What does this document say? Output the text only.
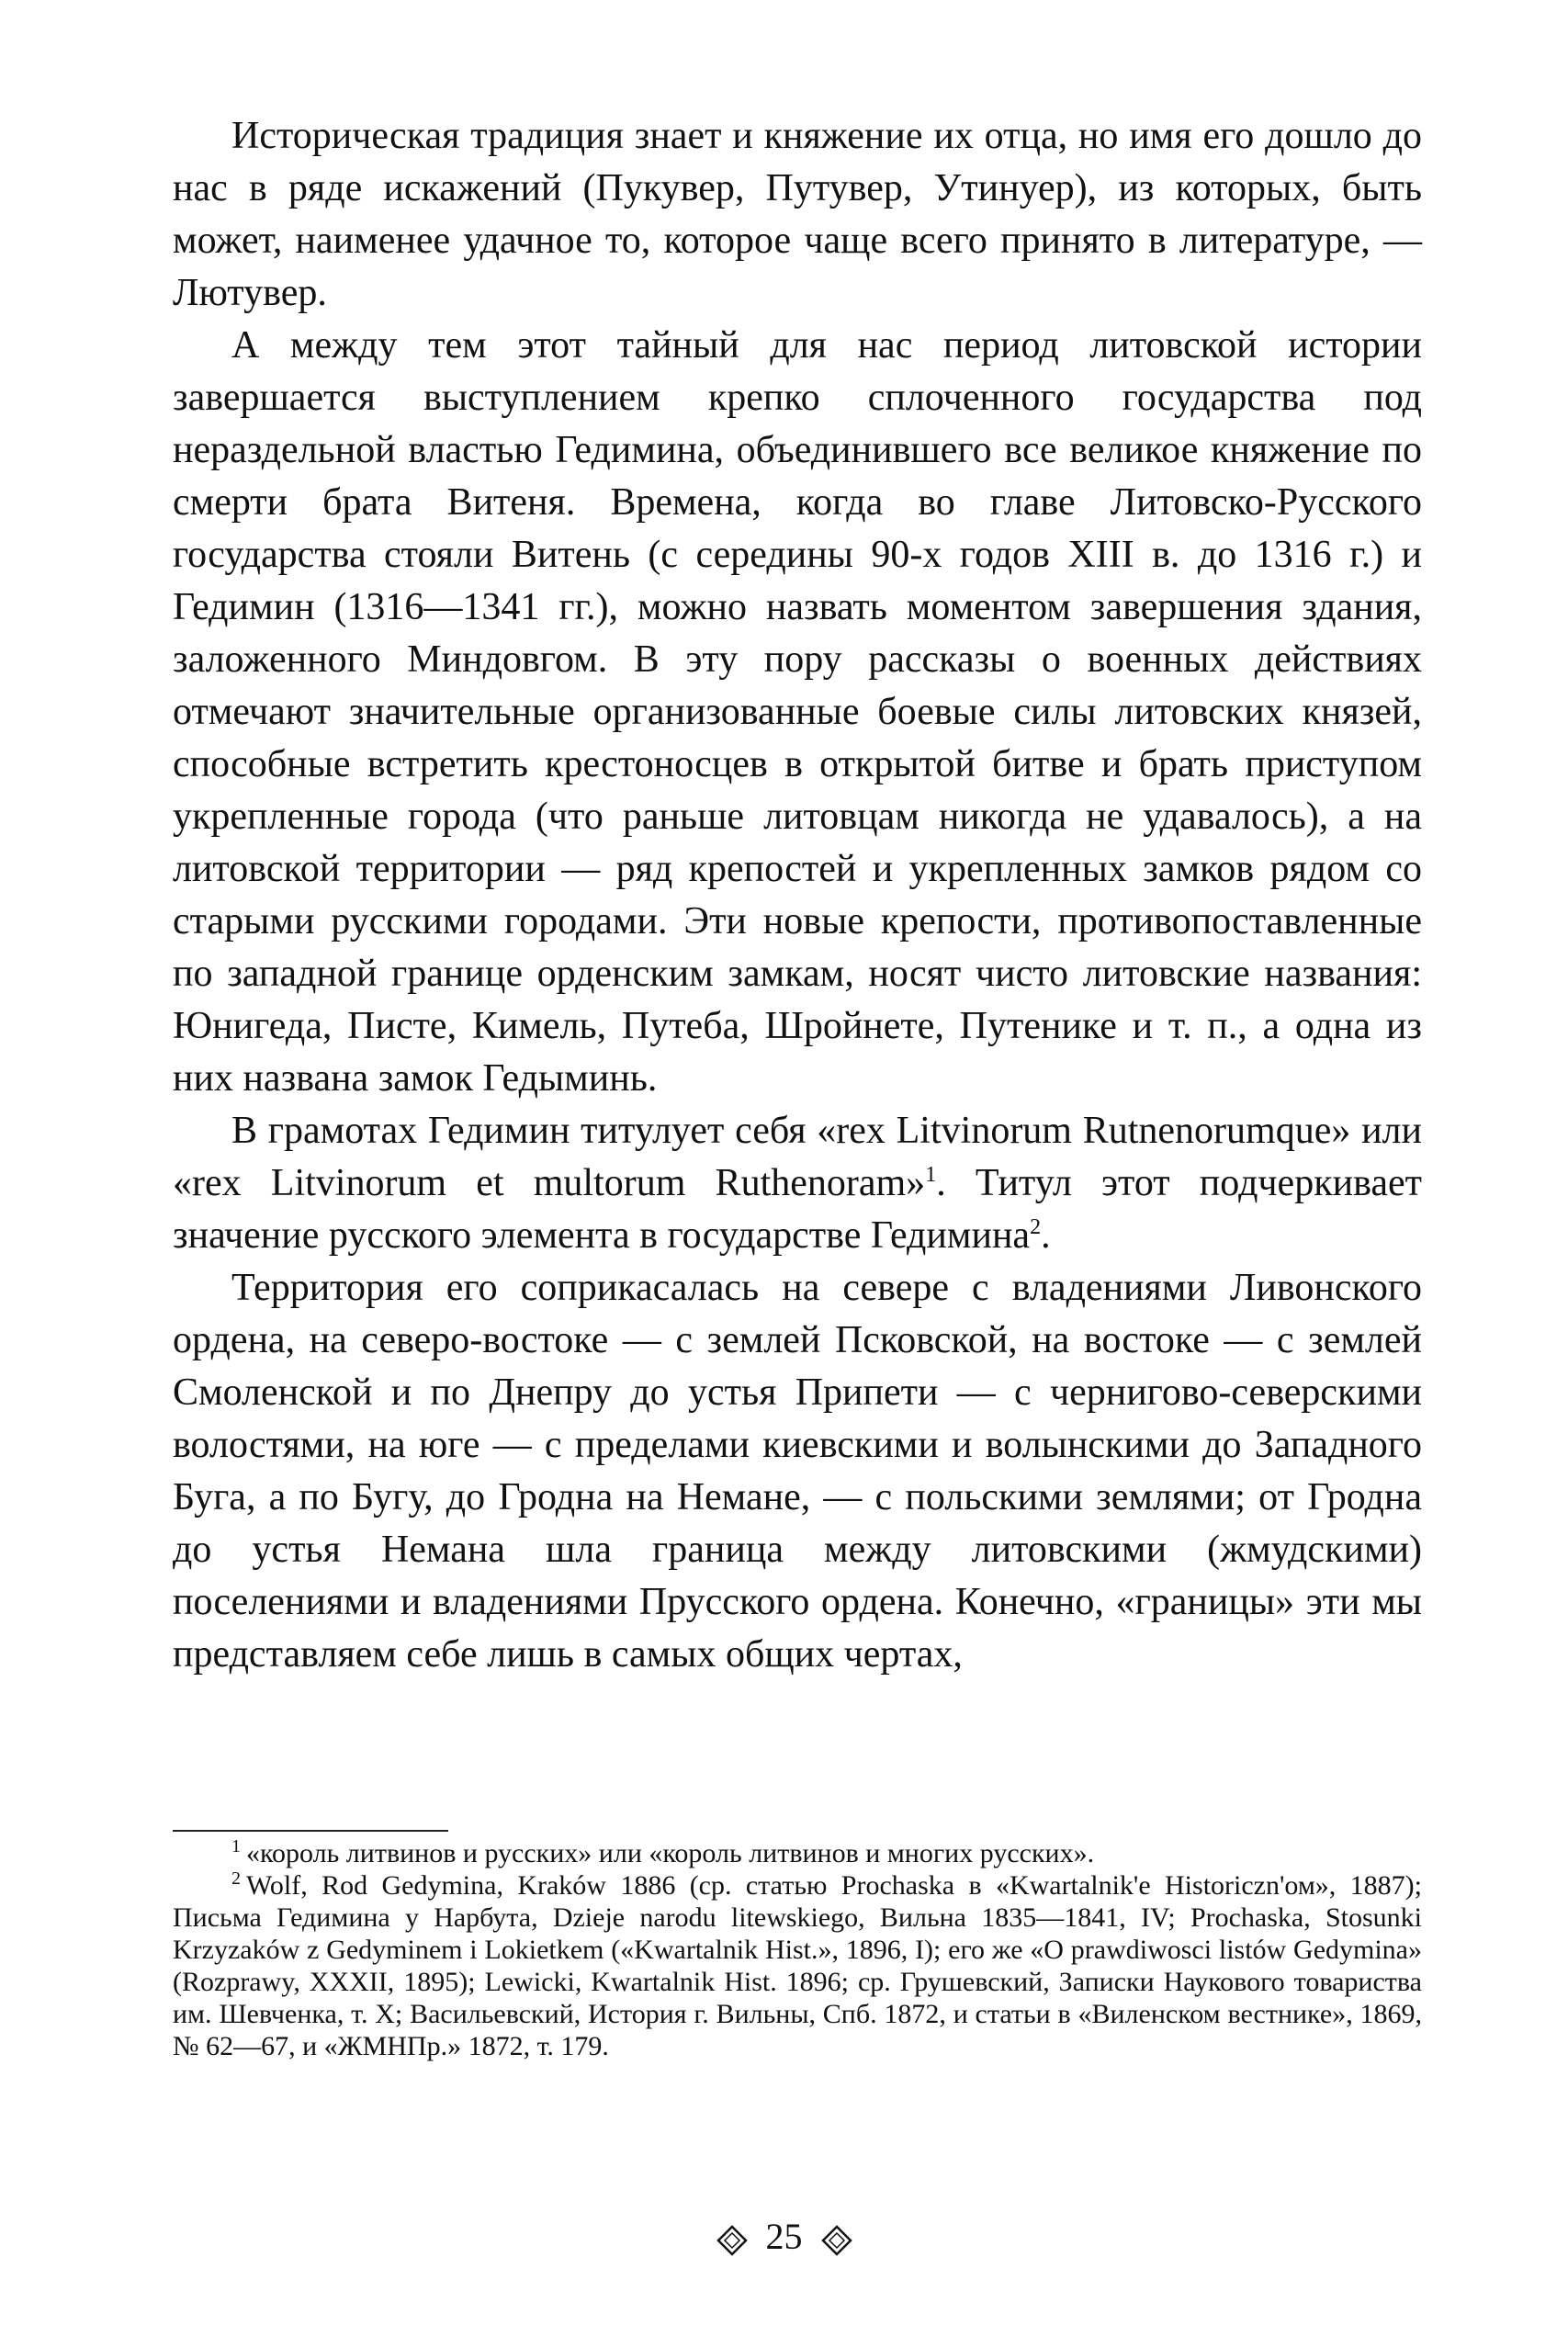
Историческая традиция знает и княжение их отца, но имя его дошло до нас в ряде искажений (Пукувер, Путувер, Утинуер), из которых, быть может, наименее удачное то, которое чаще всего принято в литературе, — Лютувер.

А между тем этот тайный для нас период литовской истории завершается выступлением крепко сплоченного государства под нераздельной властью Гедимина, объединившего все великое княжение по смерти брата Витеня. Времена, когда во главе Литовско-Русского государства стояли Витень (с середины 90-х годов XIII в. до 1316 г.) и Гедимин (1316—1341 гг.), можно назвать моментом завершения здания, заложенного Миндовгом. В эту пору рассказы о военных действиях отмечают значительные организованные боевые силы литовских князей, способные встретить крестоносцев в открытой битве и брать приступом укрепленные города (что раньше литовцам никогда не удавалось), а на литовской территории — ряд крепостей и укрепленных замков рядом со старыми русскими городами. Эти новые крепости, противопоставленные по западной границе орденским замкам, носят чисто литовские названия: Юнигеда, Писте, Кимель, Путеба, Шройнете, Путенике и т. п., а одна из них названа замок Гедыминь.

В грамотах Гедимин титулует себя «rex Litvinorum Rutnenorumque» или «rex Litvinorum et multorum Ruthenoram»$^1$. Титул этот подчеркивает значение русского элемента в государстве Гедимина$^2$.

Территория его соприкасалась на севере с владениями Ливонского ордена, на северо-востоке — с землей Псковской, на востоке — с землей Смоленской и по Днепру до устья Припети — с чернигово-северскими волостями, на юге — с пределами киевскими и волынскими до Западного Буга, а по Бугу, до Гродна на Немане, — с польскими землями; от Гродна до устья Немана шла граница между литовскими (жмудскими) поселениями и владениями Прусского ордена. Конечно, «границы» эти мы представляем себе лишь в самых общих чертах,

$^1$ «король литвинов и русских» или «король литвинов и многих русских».

$^2$ Wolf, Rod Gedymina, Kraków 1886 (ср. статью Prochaska в «Kwartalnik'e Historiczn'ом», 1887); Письма Гедимина у Нарбута, Dzieje narodu litewskiego, Вильна 1835—1841, IV; Prochaska, Stosunki Krzyzaków z Gedyminem i Lokietkem («Kwartalnik Hist.», 1896, I); его же «O prawdiwosci listów Gedymina» (Rozprawy, XXXII, 1895); Lewicki, Kwartalnik Hist. 1896; ср. Грушевский, Записки Наукового товариства им. Шевченка, т. X; Васильевский, История г. Вильны, Спб. 1872, и статьи в «Виленском вестнике», 1869, № 62—67, и «ЖМНПр.» 1872, т. 179.

25
